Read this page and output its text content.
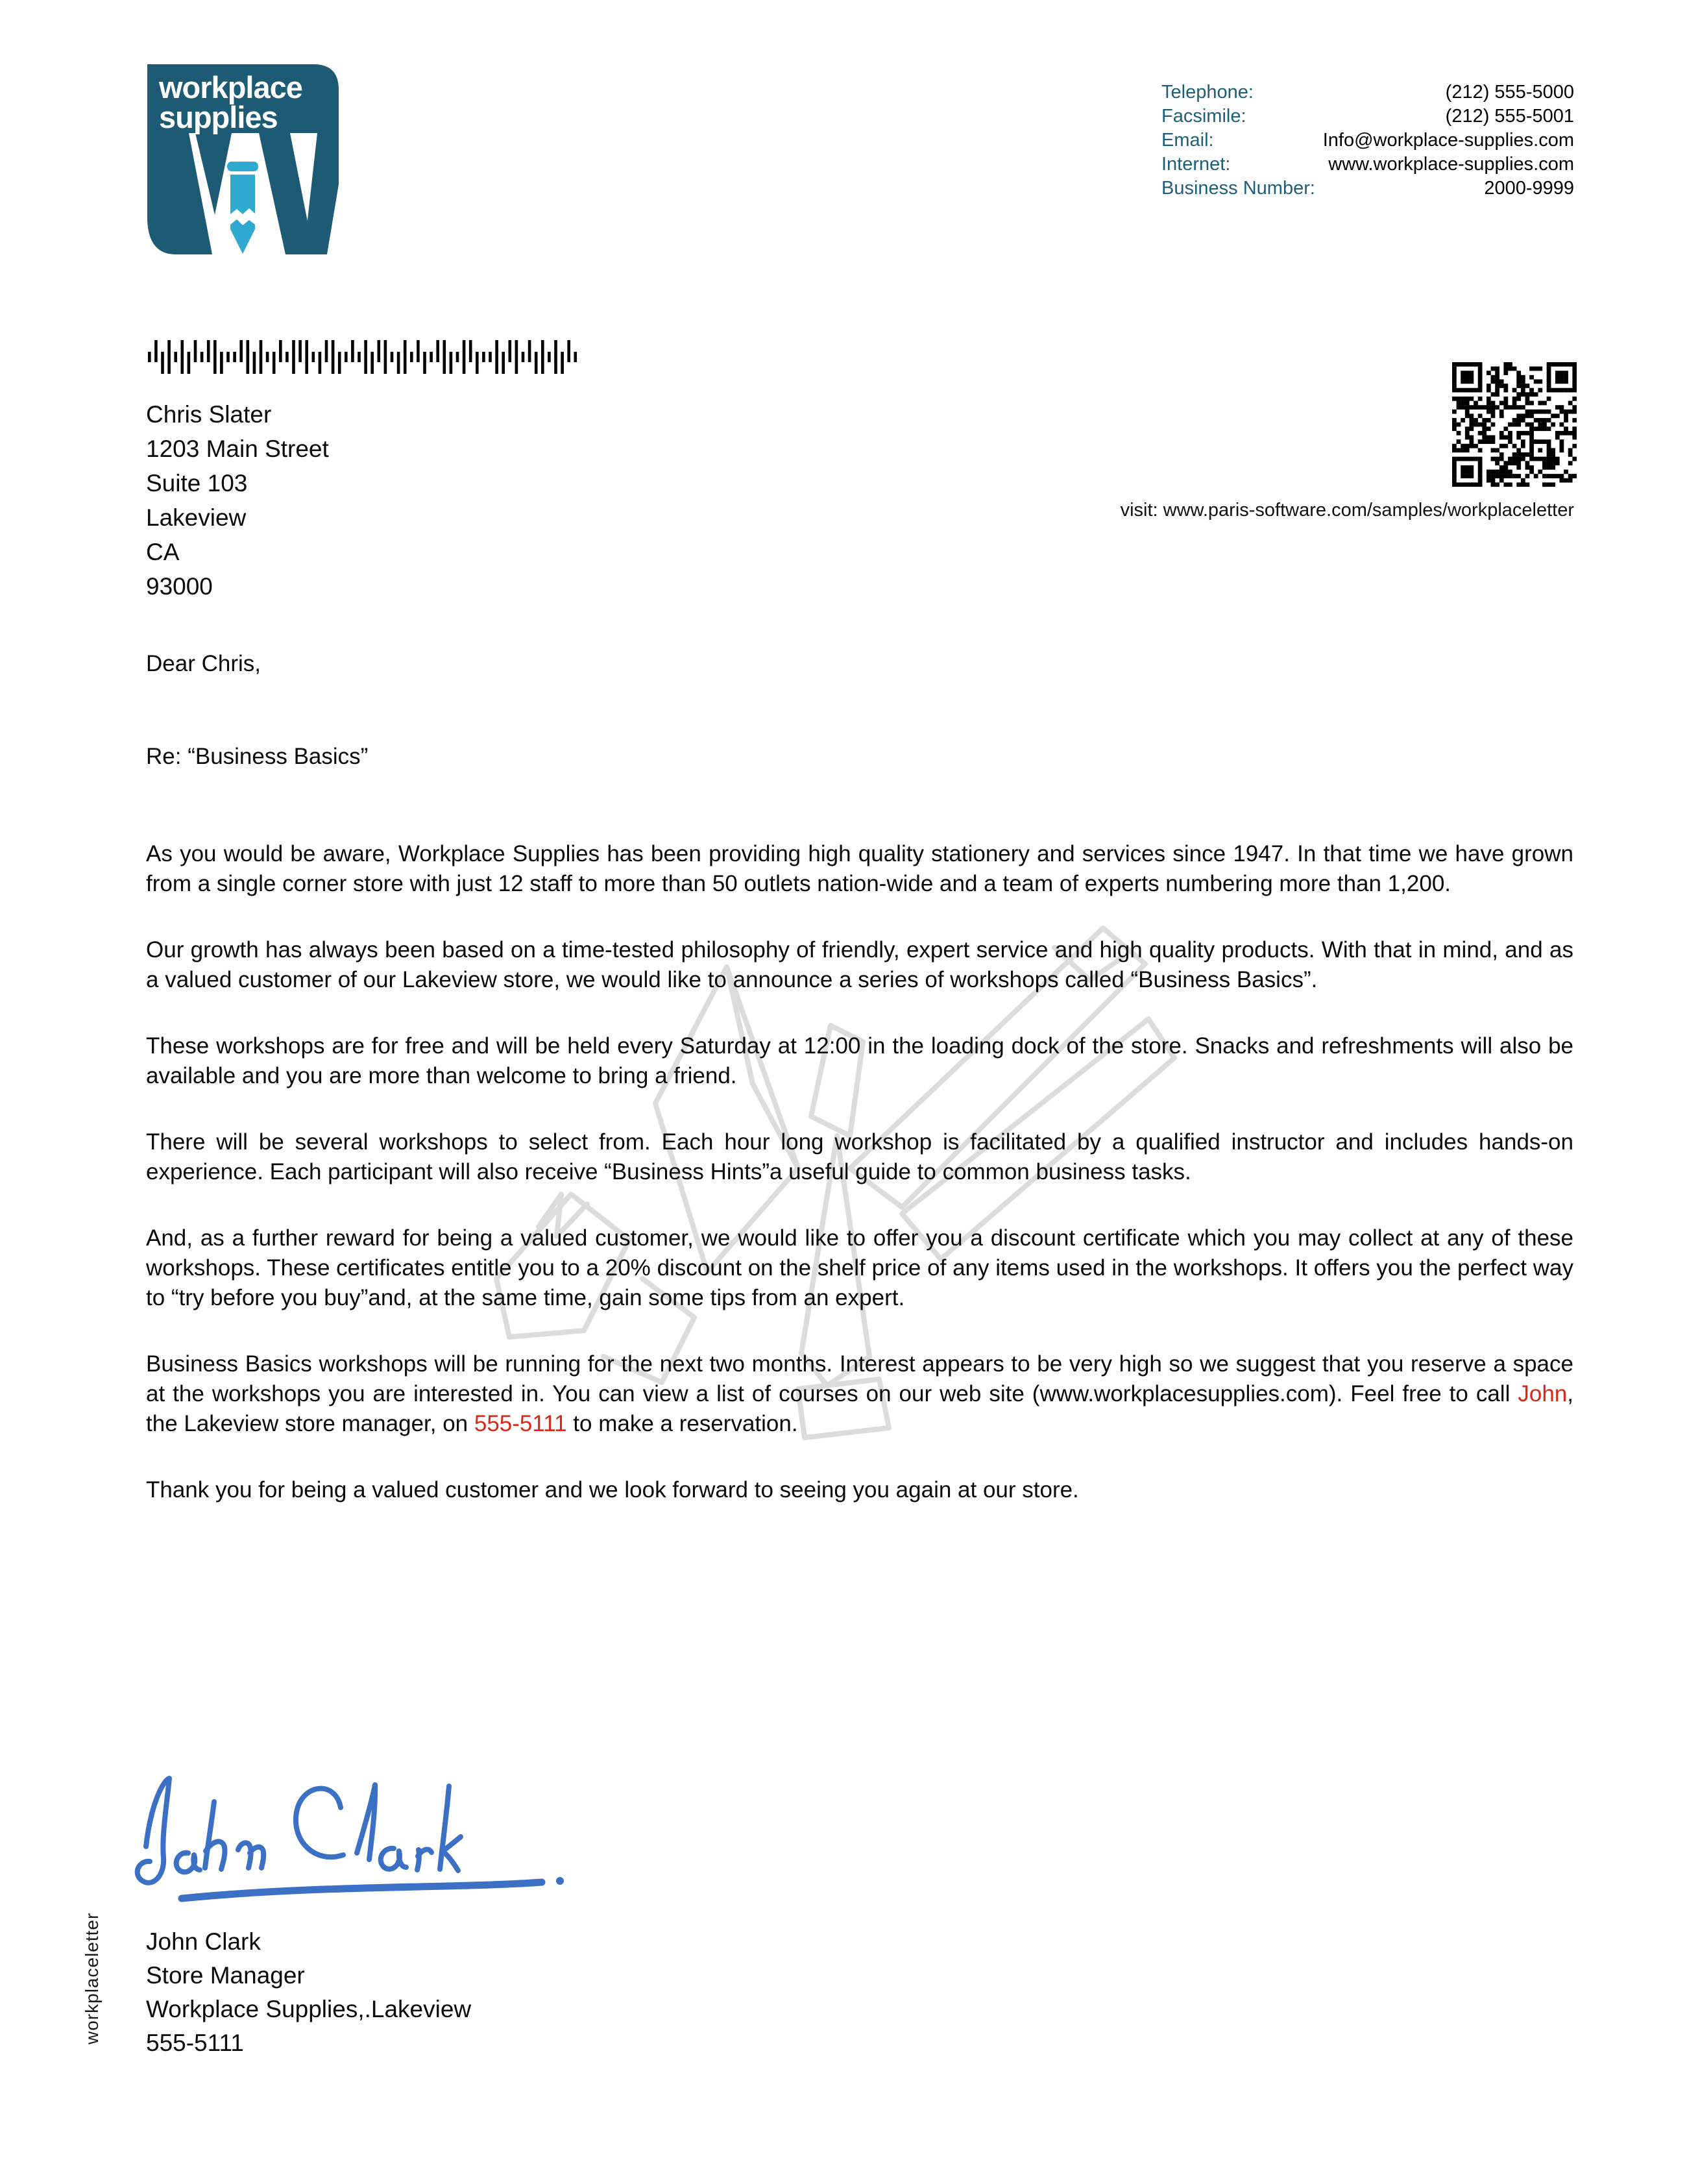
workplace
supplies
Telephone:	(212) 555-5000
Facsimile:	(212) 555-5001
Email:	Info@workplace-supplies.com
Internet:	www.workplace-supplies.com
Business Number:	2000-9999
Chris Slater
1203 Main Street
Suite 103
Lakeview
CA
93000
visit: www.paris-software.com/samples/workplaceletter
Dear Chris,
Re: “Business Basics”

As you would be aware, Workplace Supplies has been providing high quality stationery and services since 1947. In that time we have grown from a single corner store with just 12 staff to more than 50 outlets nation-wide and a team of experts numbering more than 1,200.

Our growth has always been based on a time-tested philosophy of friendly, expert service and high quality products. With that in mind, and as a valued customer of our Lakeview store, we would like to announce a series of workshops called “Business Basics”.

These workshops are for free and will be held every Saturday at 12:00 in the loading dock of the store. Snacks and refreshments will also be available and you are more than welcome to bring a friend.

There will be several workshops to select from. Each hour long workshop is facilitated by a qualified instructor and includes hands-on experience. Each participant will also receive “Business Hints”a useful guide to common business tasks.

And, as a further reward for being a valued customer, we would like to offer you a discount certificate which you may collect at any of these workshops. These certificates entitle you to a 20% discount on the shelf price of any items used in the workshops. It offers you the perfect way to “try before you buy”and, at the same time, gain some tips from an expert.

Business Basics workshops will be running for the next two months. Interest appears to be very high so we suggest that you reserve a space at the workshops you are interested in. You can view a list of courses on our web site (www.workplacesupplies.com). Feel free to call John, the Lakeview store manager, on 555-5111 to make a reservation.

Thank you for being a valued customer and we look forward to seeing you again at our store.

John Clark
Store Manager
Workplace Supplies,.Lakeview
555-5111
workplaceletter
